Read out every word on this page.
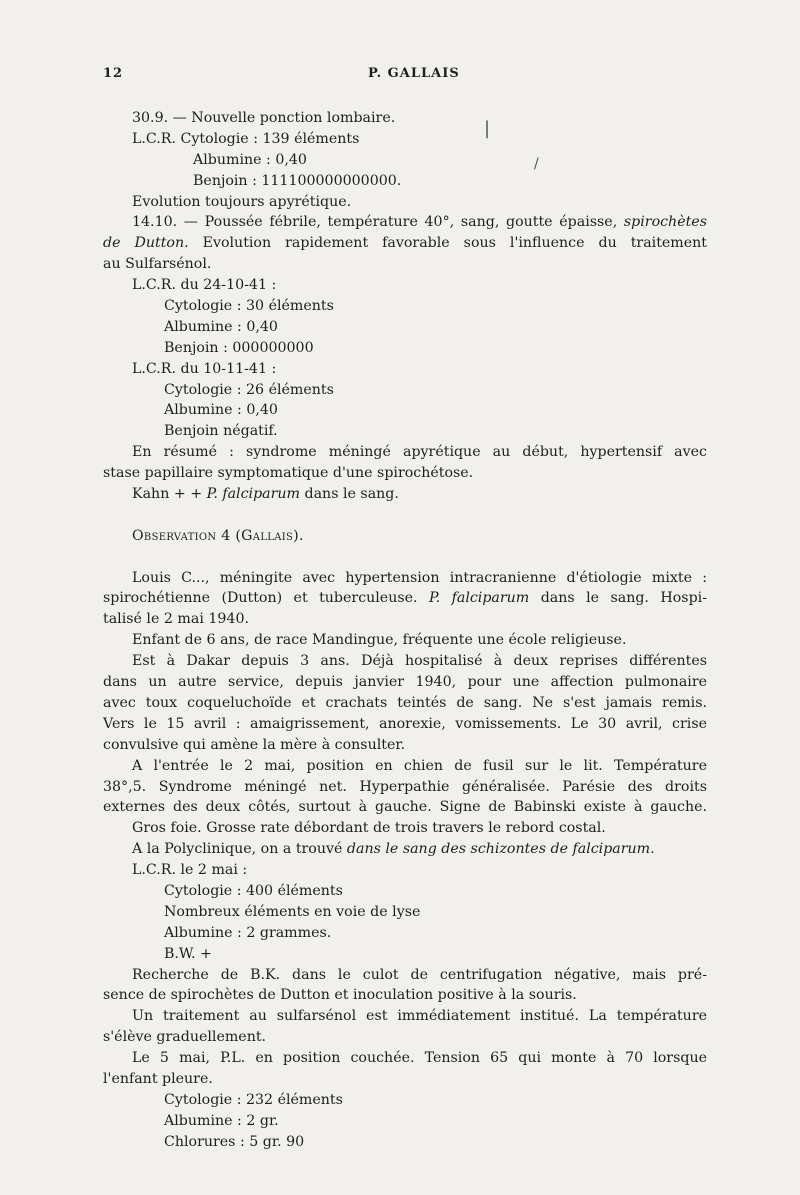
12	P. GALLAIS
|
/
30.9. — Nouvelle ponction lombaire.
L.C.R. Cytologie : 139 éléments
Albumine : 0,40
Benjoin : 111100000000000.
Evolution toujours apyrétique.
14.10. — Poussée fébrile, température 40°, sang, goutte épaisse, spirochètes
de Dutton. Evolution rapidement favorable sous l'influence du traitement
au Sulfarsénol.
L.C.R. du 24-10-41 :
Cytologie : 30 éléments
Albumine : 0,40
Benjoin : 000000000
L.C.R. du 10-11-41 :
Cytologie : 26 éléments
Albumine : 0,40
Benjoin négatif.
En résumé : syndrome méningé apyrétique au début, hypertensif avec
stase papillaire symptomatique d'une spirochétose.
Kahn + + P. falciparum dans le sang.
Observation 4 (Gallais).
Louis C..., méningite avec hypertension intracranienne d'étiologie mixte :
spirochétienne (Dutton) et tuberculeuse. P. falciparum dans le sang. Hospi-
talisé le 2 mai 1940.
Enfant de 6 ans, de race Mandingue, fréquente une école religieuse.
Est à Dakar depuis 3 ans. Déjà hospitalisé à deux reprises différentes
dans un autre service, depuis janvier 1940, pour une affection pulmonaire
avec toux coqueluchoïde et crachats teintés de sang. Ne s'est jamais remis.
Vers le 15 avril : amaigrissement, anorexie, vomissements. Le 30 avril, crise
convulsive qui amène la mère à consulter.
A l'entrée le 2 mai, position en chien de fusil sur le lit. Température
38°,5. Syndrome méningé net. Hyperpathie généralisée. Parésie des droits
externes des deux côtés, surtout à gauche. Signe de Babinski existe à gauche.
Gros foie. Grosse rate débordant de trois travers le rebord costal.
A la Polyclinique, on a trouvé dans le sang des schizontes de falciparum.
L.C.R. le 2 mai :
Cytologie : 400 éléments
Nombreux éléments en voie de lyse
Albumine : 2 grammes.
B.W. +
Recherche de B.K. dans le culot de centrifugation négative, mais pré-
sence de spirochètes de Dutton et inoculation positive à la souris.
Un traitement au sulfarsénol est immédiatement institué. La température
s'élève graduellement.
Le 5 mai, P.L. en position couchée. Tension 65 qui monte à 70 lorsque
l'enfant pleure.
Cytologie : 232 éléments
Albumine : 2 gr.
Chlorures : 5 gr. 90
